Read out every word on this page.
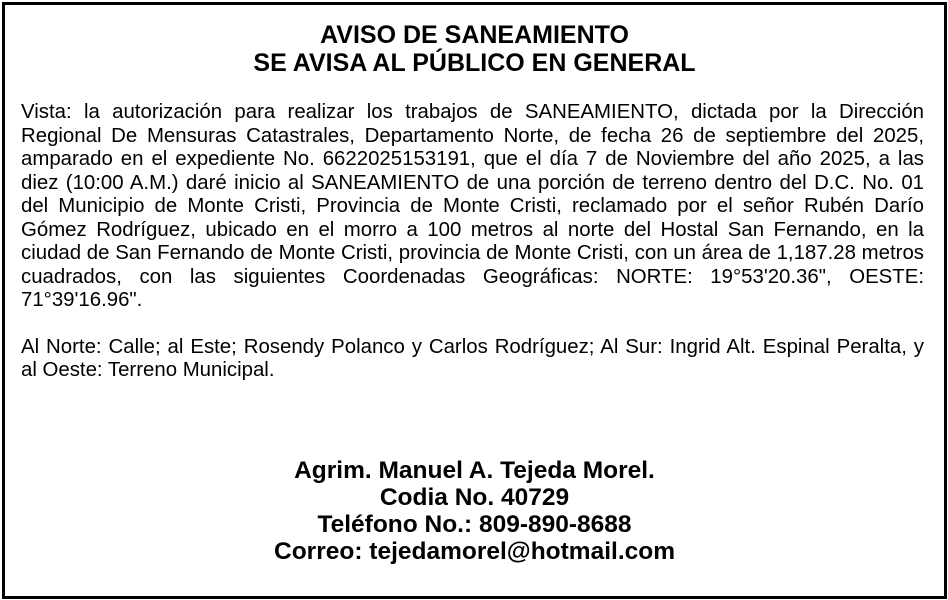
AVISO DE SANEAMIENTO
SE AVISA AL PÚBLICO EN GENERAL

Vista: la autorización para realizar los trabajos de SANEAMIENTO, dictada por la Dirección Regional De Mensuras Catastrales, Departamento Norte, de fecha 26 de septiembre del 2025, amparado en el expediente No. 6622025153191, que el día 7 de Noviembre del año 2025, a las diez (10:00 A.M.) daré inicio al SANEAMIENTO de una porción de terreno dentro del D.C. No. 01 del Municipio de Monte Cristi, Provincia de Monte Cristi, reclamado por el señor Rubén Darío Gómez Rodríguez, ubicado en el morro a 100 metros al norte del Hostal San Fernando, en la ciudad de San Fernando de Monte Cristi, provincia de Monte Cristi, con un área de 1,187.28 metros cuadrados, con las siguientes Coordenadas Geográficas: NORTE: 19°53'20.36", OESTE: 71°39'16.96".

Al Norte: Calle; al Este; Rosendy Polanco y Carlos Rodríguez; Al Sur: Ingrid Alt. Espinal Peralta, y al Oeste: Terreno Municipal.

Agrim. Manuel A. Tejeda Morel.
Codia No. 40729
Teléfono No.: 809-890-8688
Correo: tejedamorel@hotmail.com
